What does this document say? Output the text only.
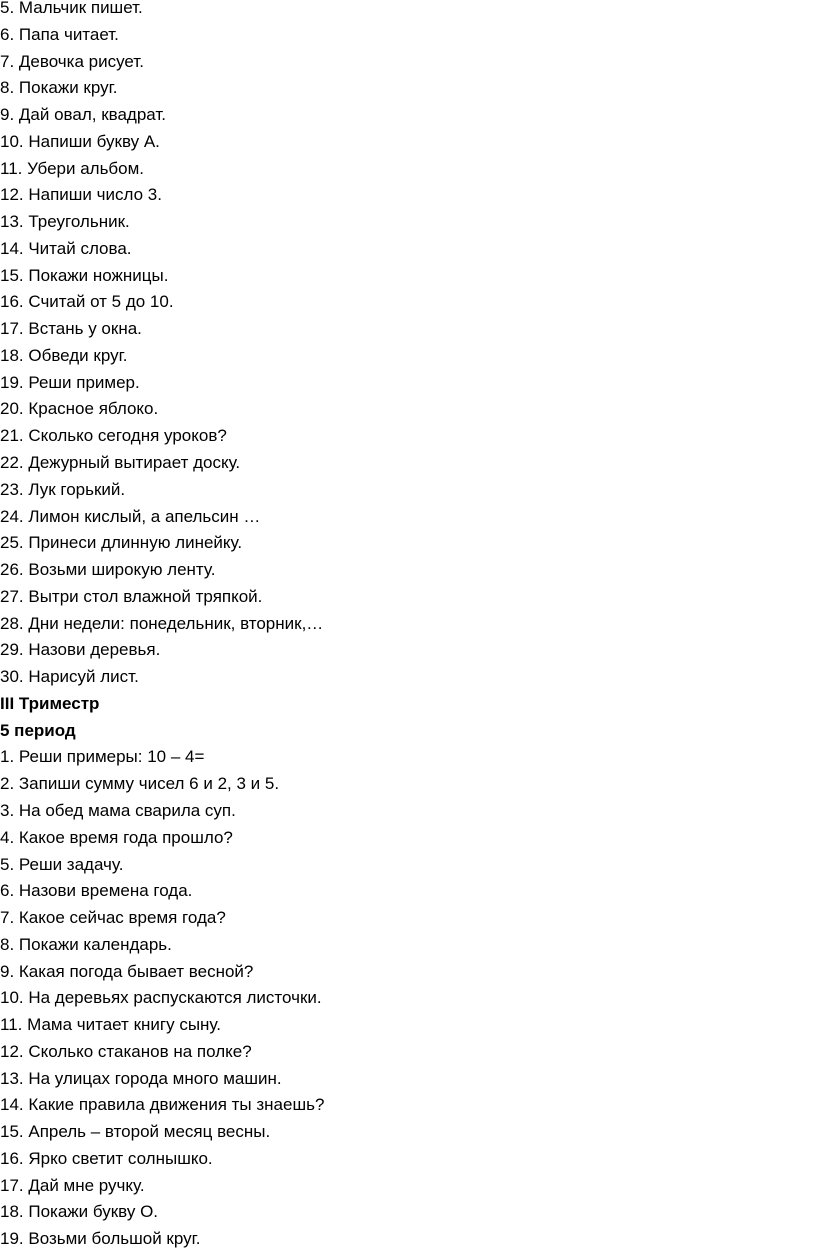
5. Мальчик пишет.
6. Папа читает.
7. Девочка рисует.
8. Покажи круг.
9. Дай овал, квадрат.
10. Напиши букву А.
11. Убери альбом.
12. Напиши число 3.
13. Треугольник.
14. Читай слова.
15. Покажи ножницы.
16. Считай от 5 до 10.
17. Встань у окна.
18. Обведи круг.
19. Реши пример.
20. Красное яблоко.
21. Сколько сегодня уроков?
22. Дежурный вытирает доску.
23. Лук горький.
24. Лимон кислый, а апельсин …
25. Принеси длинную линейку.
26. Возьми широкую ленту.
27. Вытри стол влажной тряпкой.
28. Дни недели: понедельник, вторник,…
29. Назови деревья.
30. Нарисуй лист.
III Триместр
5 период
1. Реши примеры: 10 – 4=
2. Запиши сумму чисел 6 и 2, 3 и 5.
3. На обед мама сварила суп.
4. Какое время года прошло?
5. Реши задачу.
6. Назови времена года.
7. Какое сейчас время года?
8. Покажи календарь.
9. Какая погода бывает весной?
10. На деревьях распускаются листочки.
11. Мама читает книгу сыну.
12. Сколько стаканов на полке?
13. На улицах города много машин.
14. Какие правила движения ты знаешь?
15. Апрель – второй месяц весны.
16. Ярко светит солнышко.
17. Дай мне ручку.
18. Покажи букву О.
19. Возьми большой круг.
